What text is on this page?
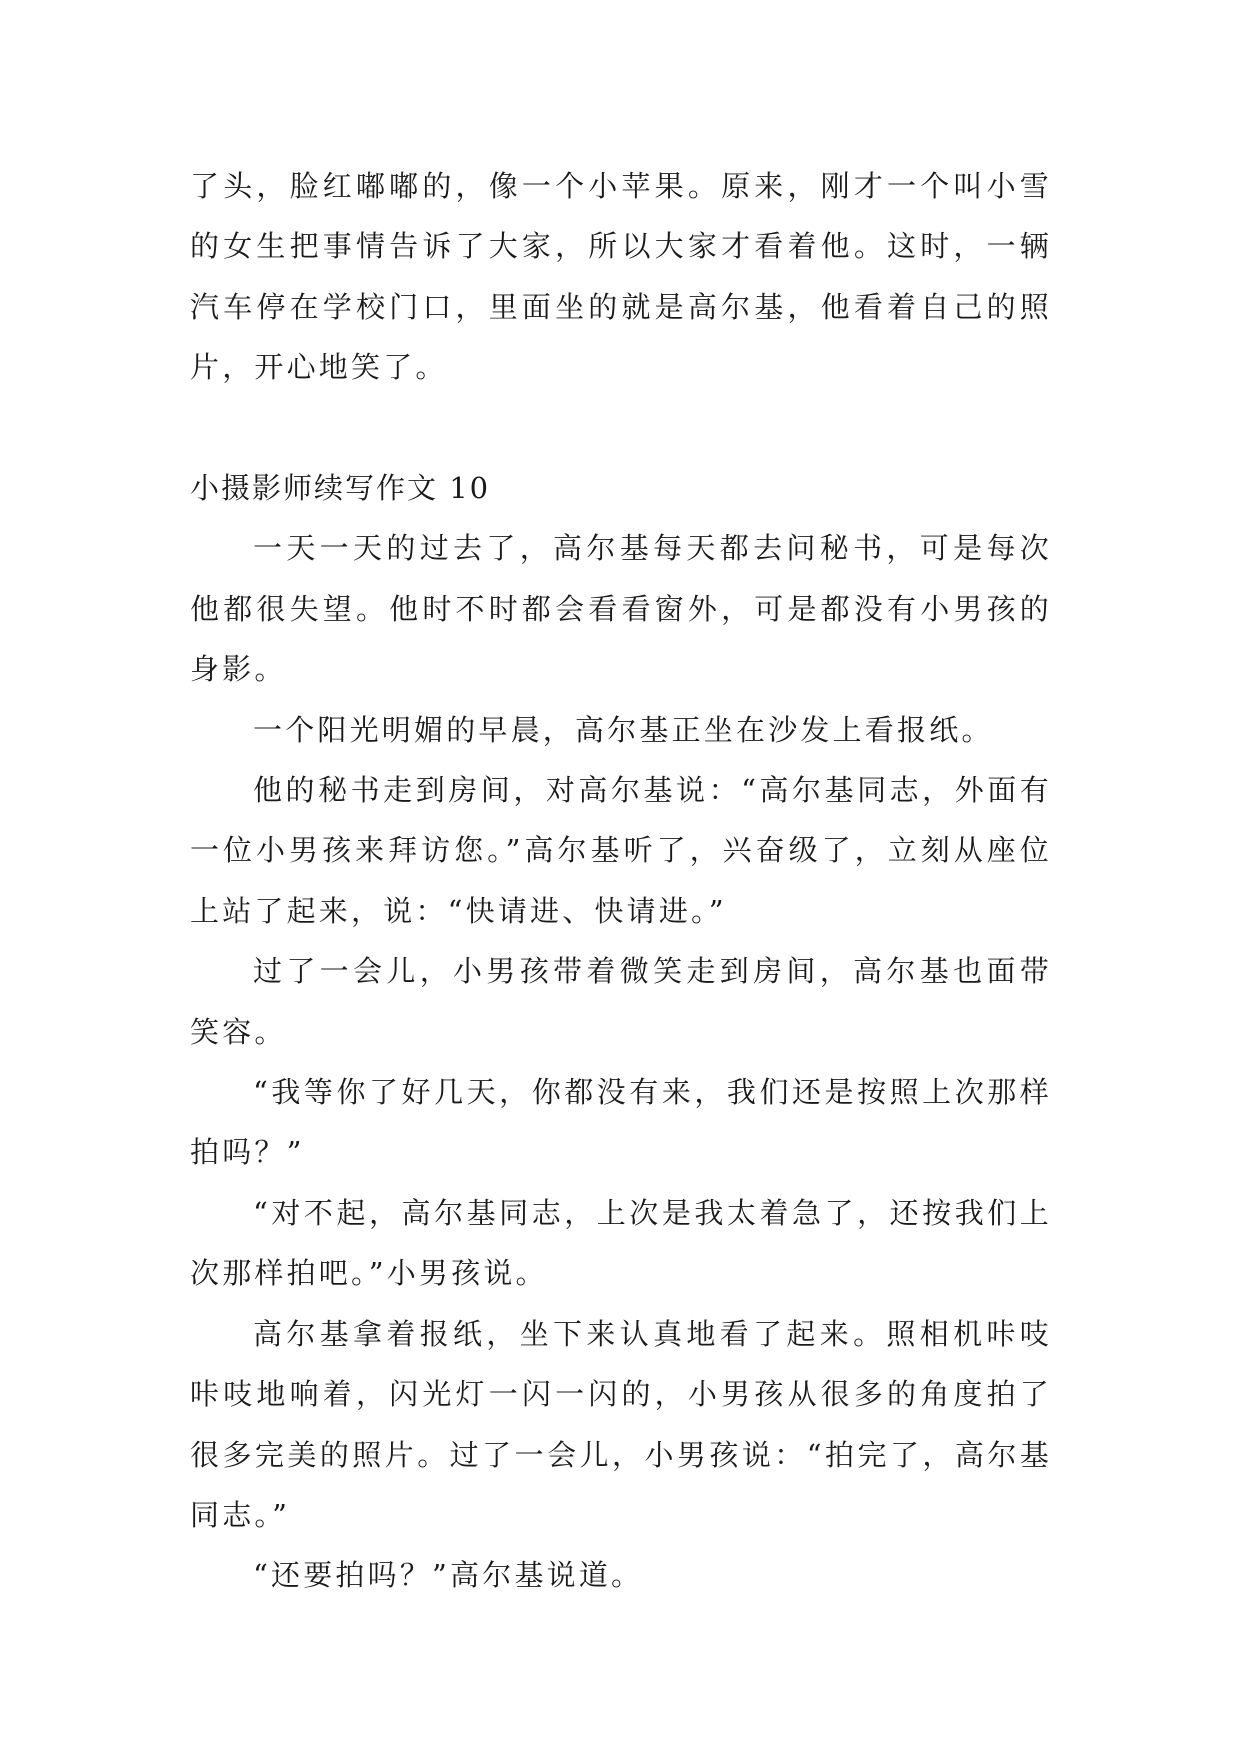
了头，脸红嘟嘟的，像一个小苹果。原来，刚才一个叫小雪的女生把事情告诉了大家，所以大家才看着他。这时，一辆汽车停在学校门口，里面坐的就是高尔基，他看着自己的照片，开心地笑了。

小摄影师续写作文 10

一天一天的过去了，高尔基每天都去问秘书，可是每次他都很失望。他时不时都会看看窗外，可是都没有小男孩的身影。

一个阳光明媚的早晨，高尔基正坐在沙发上看报纸。

他的秘书走到房间，对高尔基说：“高尔基同志，外面有一位小男孩来拜访您。”高尔基听了，兴奋级了，立刻从座位上站了起来，说：“快请进、快请进。”

过了一会儿，小男孩带着微笑走到房间，高尔基也面带笑容。

“我等你了好几天，你都没有来，我们还是按照上次那样拍吗？”

“对不起，高尔基同志，上次是我太着急了，还按我们上次那样拍吧。”小男孩说。

高尔基拿着报纸，坐下来认真地看了起来。照相机咔吱咔吱地响着，闪光灯一闪一闪的，小男孩从很多的角度拍了很多完美的照片。过了一会儿，小男孩说：“拍完了，高尔基同志。”

“还要拍吗？”高尔基说道。
